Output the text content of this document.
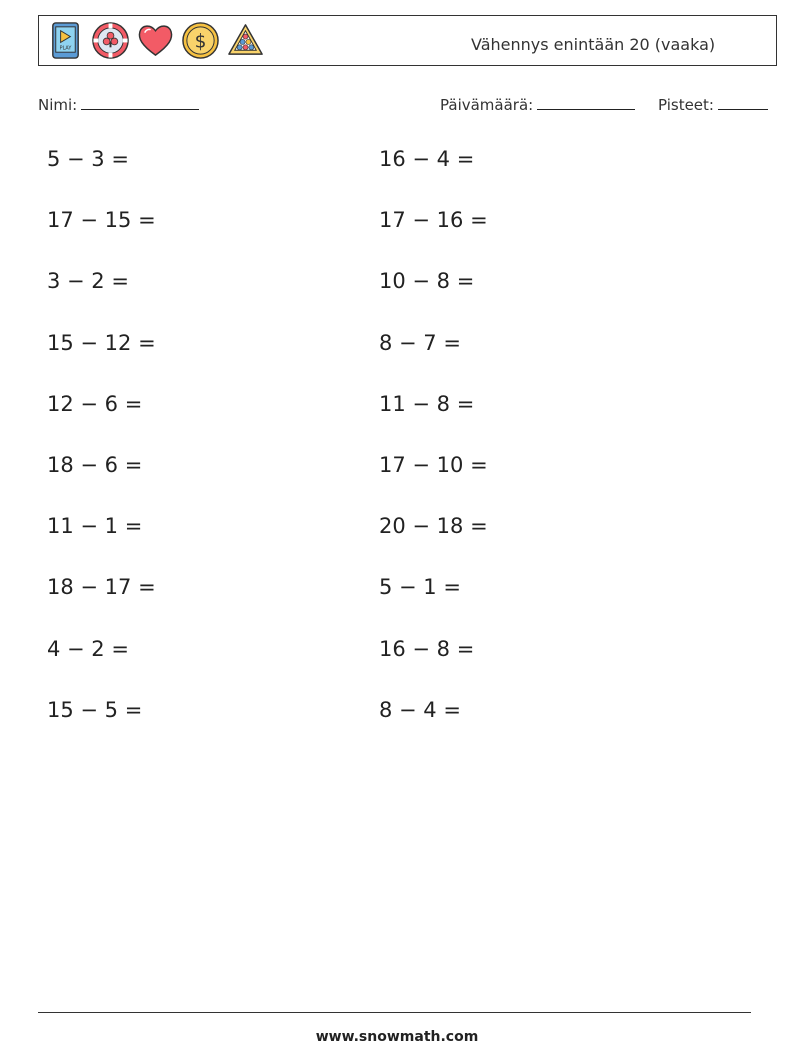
PLAY	$	Vähennys enintään 20 (vaaka)
Nimi:	Päivämäärä:	Pisteet:
5 − 3 =	16 − 4 =
17 − 15 =	17 − 16 =
3 − 2 =	10 − 8 =
15 − 12 =	8 − 7 =
12 − 6 =	11 − 8 =
18 − 6 =	17 − 10 =
11 − 1 =	20 − 18 =
18 − 17 =	5 − 1 =
4 − 2 =	16 − 8 =
15 − 5 =	8 − 4 =
www.snowmath.com
